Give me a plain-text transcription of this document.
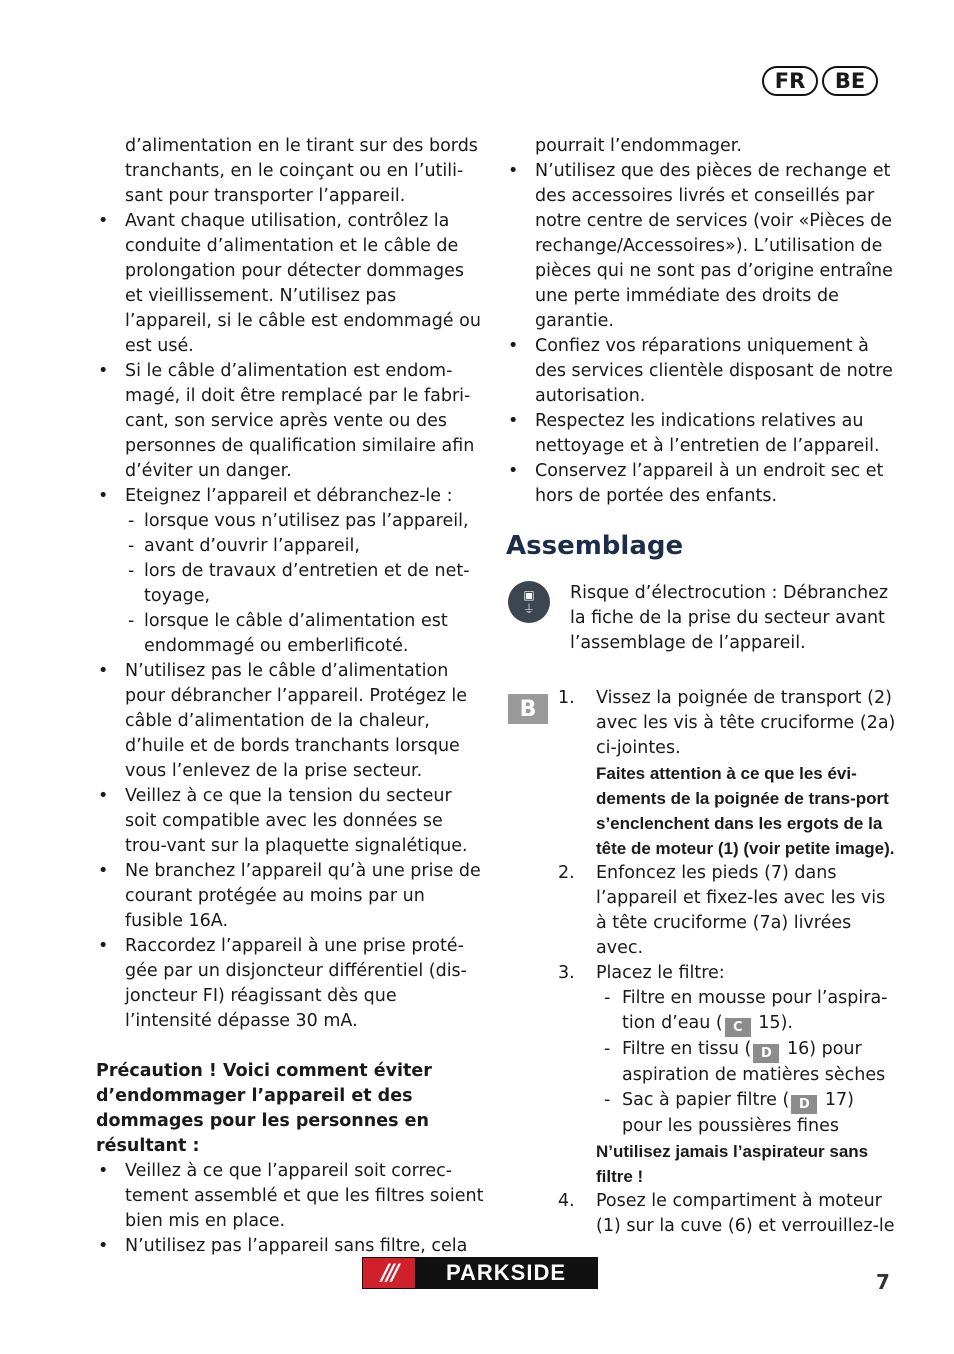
FR	BE

d’alimentation en le tirant sur des bords tranchants, en le coinçant ou en l’utili-sant pour transporter l’appareil.

• Avant chaque utilisation, contrôlez la conduite d’alimentation et le câble de prolongation pour détecter dommages et vieillissement. N’utilisez pas l’appareil, si le câble est endommagé ou est usé.
• Si le câble d’alimentation est endom-magé, il doit être remplacé par le fabri-cant, son service après vente ou des personnes de qualification similaire afin d’éviter un danger.
• Eteignez l’appareil et débranchez-le :
- lorsque vous n’utilisez pas l’appareil,
- avant d’ouvrir l’appareil,
- lors de travaux d’entretien et de net-toyage,
- lorsque le câble d’alimentation est endommagé ou emberlificoté.
• N’utilisez pas le câble d’alimentation pour débrancher l’appareil. Protégez le câble d’alimentation de la chaleur, d’huile et de bords tranchants lorsque vous l’enlevez de la prise secteur.
• Veillez à ce que la tension du secteur soit compatible avec les données se trou-vant sur la plaquette signalétique.
• Ne branchez l’appareil qu’à une prise de courant protégée au moins par un fusible 16A.
• Raccordez l’appareil à une prise proté-gée par un disjoncteur différentiel (dis-joncteur FI) réagissant dès que l’intensité dépasse 30 mA.

Précaution ! Voici comment éviter d’endommager l’appareil et des dommages pour les personnes en résultant :

• Veillez à ce que l’appareil soit correc-tement assemblé et que les filtres soient bien mis en place.
• N’utilisez pas l’appareil sans filtre, cela

pourrait l’endommager.

• N’utilisez que des pièces de rechange et des accessoires livrés et conseillés par notre centre de services (voir «Pièces de rechange/Accessoires»). L’utilisation de pièces qui ne sont pas d’origine entraîne une perte immédiate des droits de garantie.
• Confiez vos réparations uniquement à des services clientèle disposant de notre autorisation.
• Respectez les indications relatives au nettoyage et à l’entretien de l’appareil.
• Conservez l’appareil à un endroit sec et hors de portée des enfants.
Assemblage
▣
⏚
Risque d’électrocution : Débranchez la fiche de la prise du secteur avant l’assemblage de l’appareil.
B	1. Vissez la poignée de transport (2) avec les vis à tête cruciforme (2a) ci-jointes.
Faites attention à ce que les évi-dements de la poignée de trans-port s’enclenchent dans les ergots de la tête de moteur (1) (voir petite image).
2. Enfoncez les pieds (7) dans l’appareil et fixez-les avec les vis à tête cruciforme (7a) livrées avec.
3. Placez le filtre:
- Filtre en mousse pour l’aspira-tion d’eau ( C 15).
- Filtre en tissu ( D 16) pour aspiration de matières sèches
- Sac à papier filtre ( D 17) pour les poussières fines
N’utilisez jamais l’aspirateur sans filtre !
4. Posez le compartiment à moteur (1) sur la cuve (6) et verrouillez-le
///	PARKSIDE	7
